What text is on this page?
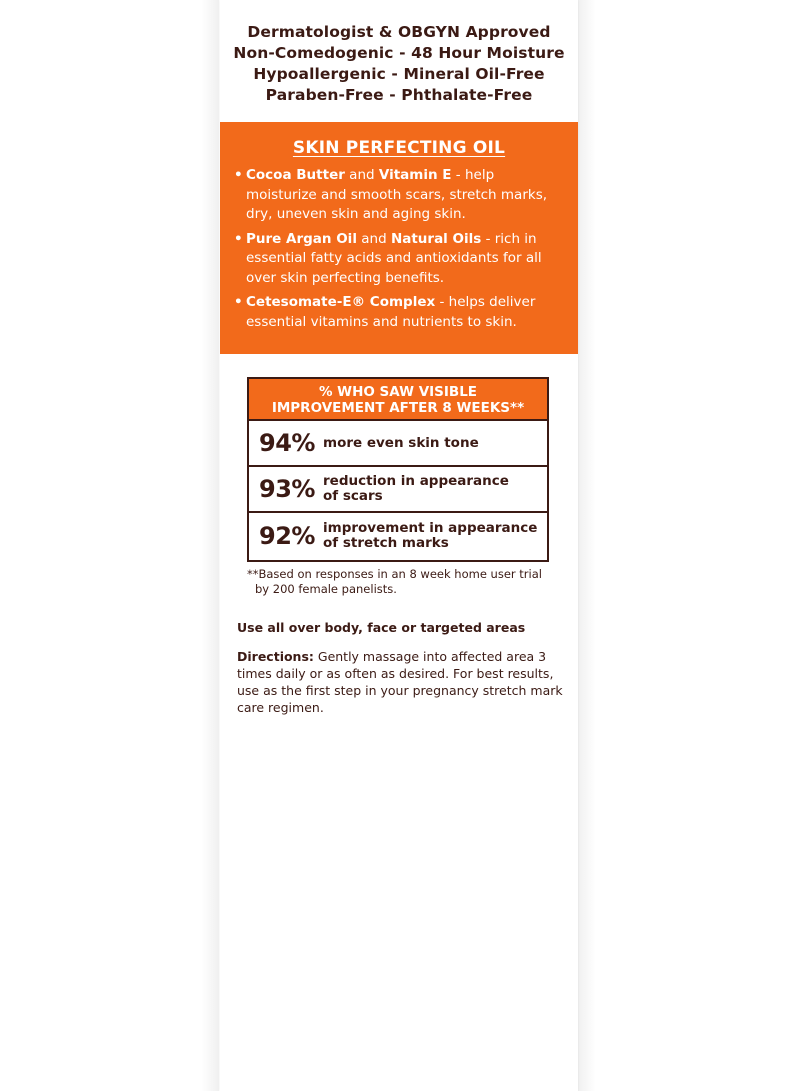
Dermatologist & OBGYN Approved
Non-Comedogenic - 48 Hour Moisture
Hypoallergenic - Mineral Oil-Free
Paraben-Free - Phthalate-Free
SKIN PERFECTING OIL
• Cocoa Butter and Vitamin E - help moisturize and smooth scars, stretch marks, dry, uneven skin and aging skin.
• Pure Argan Oil and Natural Oils - rich in essential fatty acids and antioxidants for all over skin perfecting benefits.
• Cetesomate-E® Complex - helps deliver essential vitamins and nutrients to skin.
% WHO SAW VISIBLE
IMPROVEMENT AFTER 8 WEEKS**
94% more even skin tone
93% reduction in appearance
of scars
92% improvement in appearance
of stretch marks
**Based on responses in an 8 week home user trial
by 200 female panelists.
Use all over body, face or targeted areas
Directions: Gently massage into affected area 3 times daily or as often as desired. For best results, use as the first step in your pregnancy stretch mark care regimen.
